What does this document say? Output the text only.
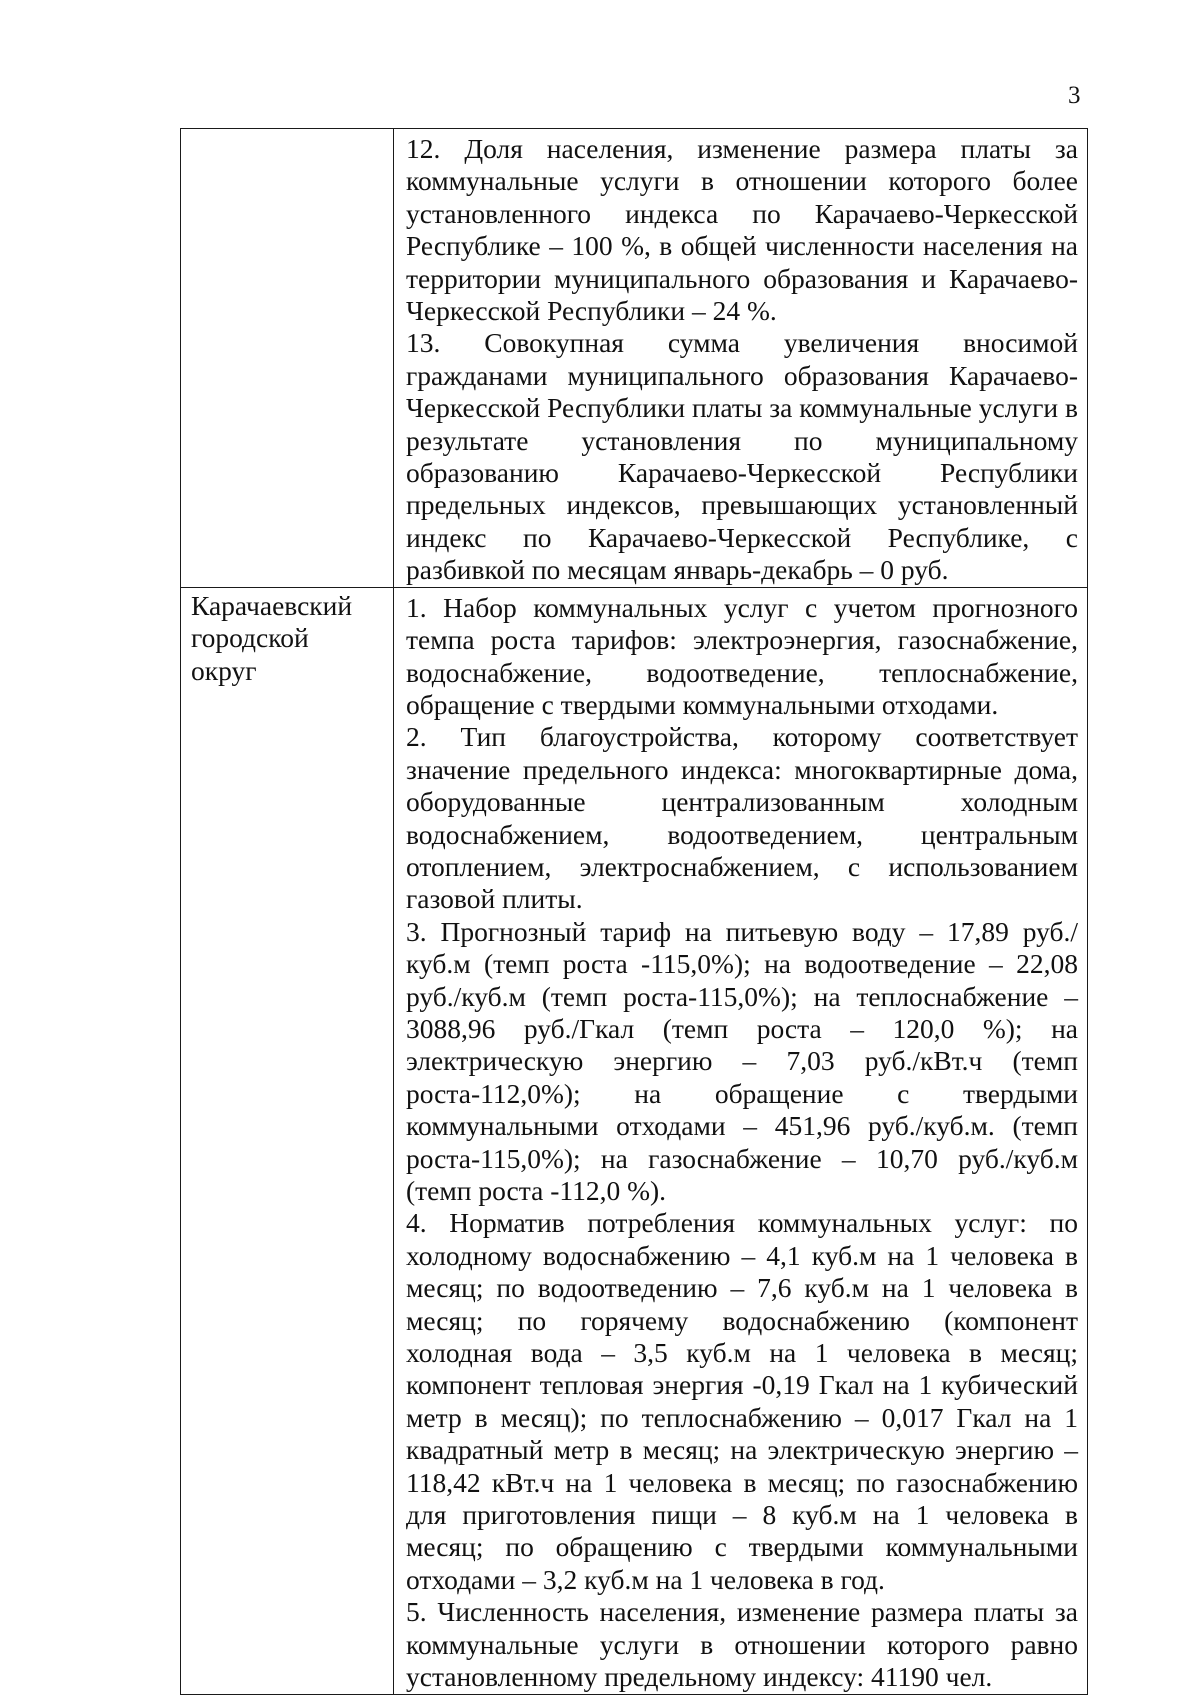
3

	12. Доля населения, изменение размера платы за коммунальные услуги в отношении которого более установленного индекса по Карачаево-Черкесской Республике – 100 %, в общей численности населения на территории муниципального образования и Карачаево-Черкесской Республики – 24 %.

13. Совокупная сумма увеличения вносимой гражданами муниципального образования Карачаево-Черкесской Республики платы за коммунальные услуги в результате установления по муниципальному образованию Карачаево-Черкесской Республики предельных индексов, превышающих установленный индекс по Карачаево-Черкесской Республике, с разбивкой по месяцам январь-декабрь – 0 руб.

Карачаевский городской округ	1. Набор коммунальных услуг с учетом прогнозного темпа роста тарифов: электроэнергия, газоснабжение, водоснабжение, водоотведение, теплоснабжение, обращение с твердыми коммунальными отходами.

2. Тип благоустройства, которому соответствует значение предельного индекса: многоквартирные дома, оборудованные централизованным холодным водоснабжением, водоотведением, центральным отоплением, электроснабжением, с использованием газовой плиты.

3. Прогнозный тариф на питьевую воду – 17,89 руб./куб.м (темп роста -115,0%); на водоотведение – 22,08 руб./куб.м (темп роста-115,0%); на теплоснабжение –3088,96 руб./Гкал (темп роста – 120,0 %); на электрическую энергию – 7,03 руб./кВт.ч (темп роста-112,0%); на обращение с твердыми коммунальными отходами – 451,96 руб./куб.м. (темп роста-115,0%); на газоснабжение – 10,70 руб./куб.м (темп роста -112,0 %).

4. Норматив потребления коммунальных услуг: по холодному водоснабжению – 4,1 куб.м на 1 человека в месяц; по водоотведению – 7,6 куб.м на 1 человека в месяц; по горячему водоснабжению (компонент холодная вода – 3,5 куб.м на 1 человека в месяц; компонент тепловая энергия -0,19 Гкал на 1 кубический метр в месяц); по теплоснабжению – 0,017 Гкал на 1 квадратный метр в месяц; на электрическую энергию – 118,42 кВт.ч на 1 человека в месяц; по газоснабжению для приготовления пищи – 8 куб.м на 1 человека в месяц; по обращению с твердыми коммунальными отходами – 3,2 куб.м на 1 человека в год.

5. Численность населения, изменение размера платы за коммунальные услуги в отношении которого равно установленному предельному индексу: 41190 чел.
